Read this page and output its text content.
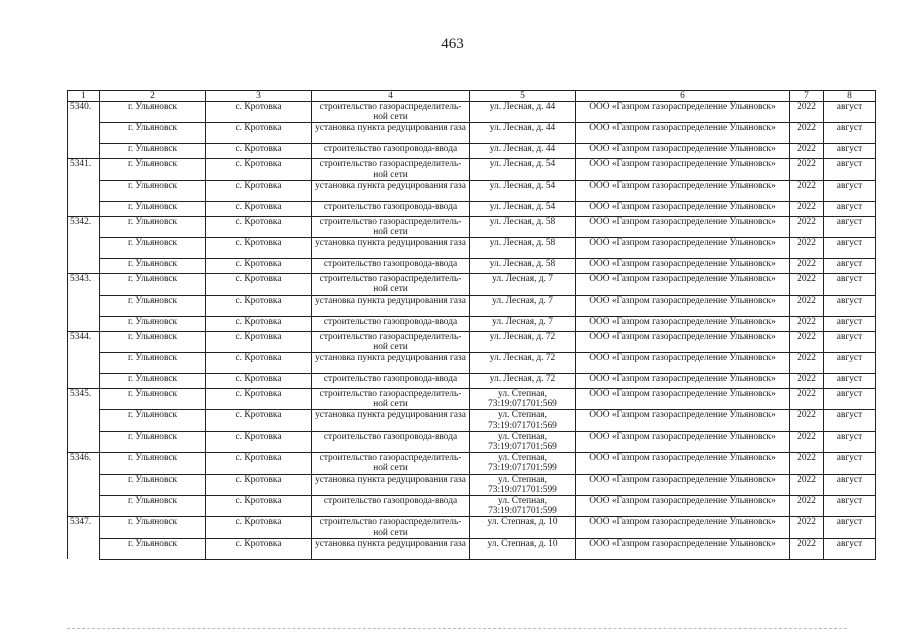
463
1	2	3	4	5	6	7	8
5340.	г. Ульяновск	с. Кротовка	строительство газораспределитель-ной сети	ул. Лесная, д. 44	ООО «Газпром газораспределение Ульяновск»	2022	август
	г. Ульяновск	с. Кротовка	установка пункта редуцирования газа	ул. Лесная, д. 44	ООО «Газпром газораспределение Ульяновск»	2022	август
	г. Ульяновск	с. Кротовка	строительство газопровода-ввода	ул. Лесная, д. 44	ООО «Газпром газораспределение Ульяновск»	2022	август
5341.	г. Ульяновск	с. Кротовка	строительство газораспределитель-ной сети	ул. Лесная, д. 54	ООО «Газпром газораспределение Ульяновск»	2022	август
	г. Ульяновск	с. Кротовка	установка пункта редуцирования газа	ул. Лесная, д. 54	ООО «Газпром газораспределение Ульяновск»	2022	август
	г. Ульяновск	с. Кротовка	строительство газопровода-ввода	ул. Лесная, д. 54	ООО «Газпром газораспределение Ульяновск»	2022	август
5342.	г. Ульяновск	с. Кротовка	строительство газораспределитель-ной сети	ул. Лесная, д. 58	ООО «Газпром газораспределение Ульяновск»	2022	август
	г. Ульяновск	с. Кротовка	установка пункта редуцирования газа	ул. Лесная, д. 58	ООО «Газпром газораспределение Ульяновск»	2022	август
	г. Ульяновск	с. Кротовка	строительство газопровода-ввода	ул. Лесная, д. 58	ООО «Газпром газораспределение Ульяновск»	2022	август
5343.	г. Ульяновск	с. Кротовка	строительство газораспределитель-ной сети	ул. Лесная, д. 7	ООО «Газпром газораспределение Ульяновск»	2022	август
	г. Ульяновск	с. Кротовка	установка пункта редуцирования газа	ул. Лесная, д. 7	ООО «Газпром газораспределение Ульяновск»	2022	август
	г. Ульяновск	с. Кротовка	строительство газопровода-ввода	ул. Лесная, д. 7	ООО «Газпром газораспределение Ульяновск»	2022	август
5344.	г. Ульяновск	с. Кротовка	строительство газораспределитель-ной сети	ул. Лесная, д. 72	ООО «Газпром газораспределение Ульяновск»	2022	август
	г. Ульяновск	с. Кротовка	установка пункта редуцирования газа	ул. Лесная, д. 72	ООО «Газпром газораспределение Ульяновск»	2022	август
	г. Ульяновск	с. Кротовка	строительство газопровода-ввода	ул. Лесная, д. 72	ООО «Газпром газораспределение Ульяновск»	2022	август
5345.	г. Ульяновск	с. Кротовка	строительство газораспределитель-ной сети	ул. Степная, 73:19:071701:569	ООО «Газпром газораспределение Ульяновск»	2022	август
	г. Ульяновск	с. Кротовка	установка пункта редуцирования газа	ул. Степная, 73:19:071701:569	ООО «Газпром газораспределение Ульяновск»	2022	август
	г. Ульяновск	с. Кротовка	строительство газопровода-ввода	ул. Степная, 73:19:071701:569	ООО «Газпром газораспределение Ульяновск»	2022	август
5346.	г. Ульяновск	с. Кротовка	строительство газораспределитель-ной сети	ул. Степная, 73:19:071701:599	ООО «Газпром газораспределение Ульяновск»	2022	август
	г. Ульяновск	с. Кротовка	установка пункта редуцирования газа	ул. Степная, 73:19:071701:599	ООО «Газпром газораспределение Ульяновск»	2022	август
	г. Ульяновск	с. Кротовка	строительство газопровода-ввода	ул. Степная, 73:19:071701:599	ООО «Газпром газораспределение Ульяновск»	2022	август
5347.	г. Ульяновск	с. Кротовка	строительство газораспределитель-ной сети	ул. Степная, д. 10	ООО «Газпром газораспределение Ульяновск»	2022	август
	г. Ульяновск	с. Кротовка	установка пункта редуцирования газа	ул. Степная, д. 10	ООО «Газпром газораспределение Ульяновск»	2022	август
